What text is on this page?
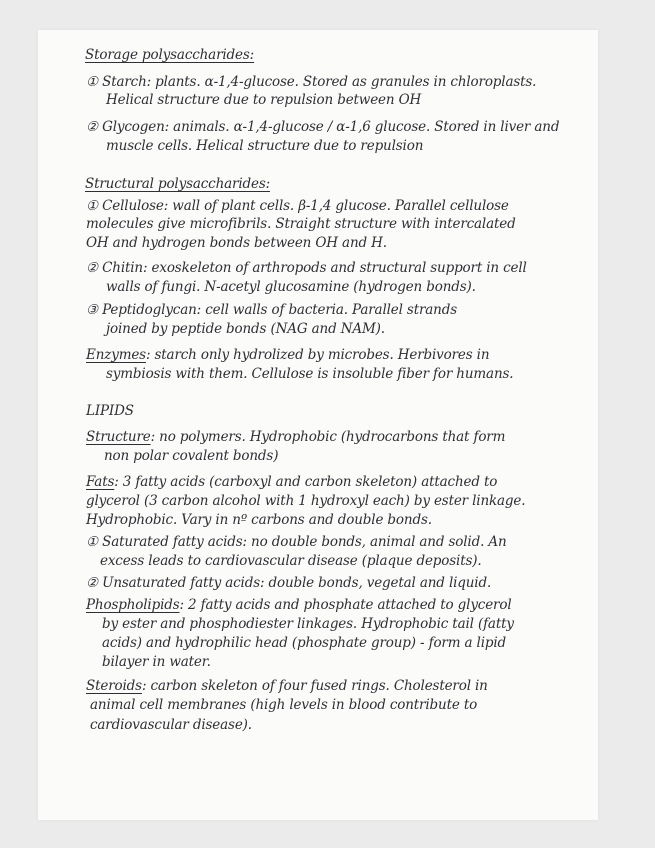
Storage polysaccharides:
① Starch: plants. α-1,4-glucose. Stored as granules in chloroplasts.
Helical structure due to repulsion between OH
② Glycogen: animals. α-1,4-glucose / α-1,6 glucose. Stored in liver and
muscle cells. Helical structure due to repulsion
Structural polysaccharides:
① Cellulose: wall of plant cells. β-1,4 glucose. Parallel cellulose
molecules give microfibrils. Straight structure with intercalated
OH and hydrogen bonds between OH and H.
② Chitin: exoskeleton of arthropods and structural support in cell
walls of fungi. N-acetyl glucosamine (hydrogen bonds).
③ Peptidoglycan: cell walls of bacteria. Parallel strands
joined by peptide bonds (NAG and NAM).
Enzymes: starch only hydrolized by microbes. Herbivores in
symbiosis with them. Cellulose is insoluble fiber for humans.
LIPIDS
Structure: no polymers. Hydrophobic (hydrocarbons that form
non polar covalent bonds)
Fats: 3 fatty acids (carboxyl and carbon skeleton) attached to
glycerol (3 carbon alcohol with 1 hydroxyl each) by ester linkage.
Hydrophobic. Vary in nº carbons and double bonds.
① Saturated fatty acids: no double bonds, animal and solid. An
excess leads to cardiovascular disease (plaque deposits).
② Unsaturated fatty acids: double bonds, vegetal and liquid.
Phospholipids: 2 fatty acids and phosphate attached to glycerol
by ester and phosphodiester linkages. Hydrophobic tail (fatty
acids) and hydrophilic head (phosphate group) - form a lipid
bilayer in water.
Steroids: carbon skeleton of four fused rings. Cholesterol in
animal cell membranes (high levels in blood contribute to
cardiovascular disease).
